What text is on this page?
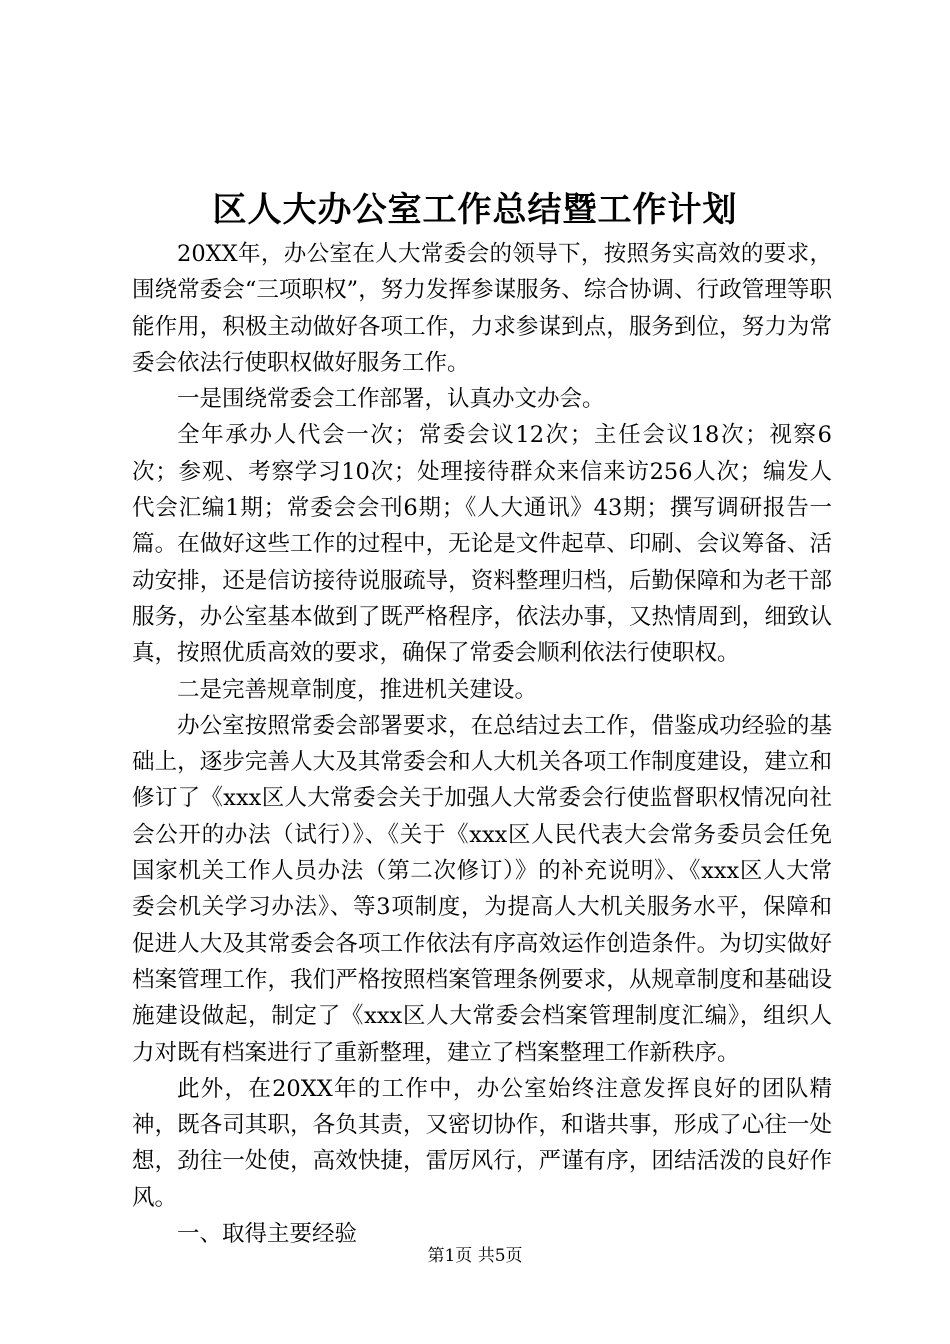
区人大办公室工作总结暨工作计划

20XX年，办公室在人大常委会的领导下，按照务实高效的要求，围绕常委会“三项职权”，努力发挥参谋服务、综合协调、行政管理等职能作用，积极主动做好各项工作，力求参谋到点，服务到位，努力为常委会依法行使职权做好服务工作。

一是围绕常委会工作部署，认真办文办会。

全年承办人代会一次；常委会议12次；主任会议18次；视察6次；参观、考察学习10次；处理接待群众来信来访256人次；编发人代会汇编1期；常委会会刊6期；《人大通讯》43期；撰写调研报告一篇。在做好这些工作的过程中，无论是文件起草、印刷、会议筹备、活动安排，还是信访接待说服疏导，资料整理归档，后勤保障和为老干部服务，办公室基本做到了既严格程序，依法办事，又热情周到，细致认真，按照优质高效的要求，确保了常委会顺利依法行使职权。

二是完善规章制度，推进机关建设。

办公室按照常委会部署要求，在总结过去工作，借鉴成功经验的基础上，逐步完善人大及其常委会和人大机关各项工作制度建设，建立和修订了《xxx区人大常委会关于加强人大常委会行使监督职权情况向社会公开的办法（试行）》、《关于《xxx区人民代表大会常务委员会任免国家机关工作人员办法（第二次修订）》的补充说明》、《xxx区人大常委会机关学习办法》、等3项制度，为提高人大机关服务水平，保障和促进人大及其常委会各项工作依法有序高效运作创造条件。为切实做好档案管理工作，我们严格按照档案管理条例要求，从规章制度和基础设施建设做起，制定了《xxx区人大常委会档案管理制度汇编》，组织人力对既有档案进行了重新整理，建立了档案整理工作新秩序。

此外，在20XX年的工作中，办公室始终注意发挥良好的团队精神，既各司其职，各负其责，又密切协作，和谐共事，形成了心往一处想，劲往一处使，高效快捷，雷厉风行，严谨有序，团结活泼的良好作风。

一、取得主要经验

第1页 共5页
